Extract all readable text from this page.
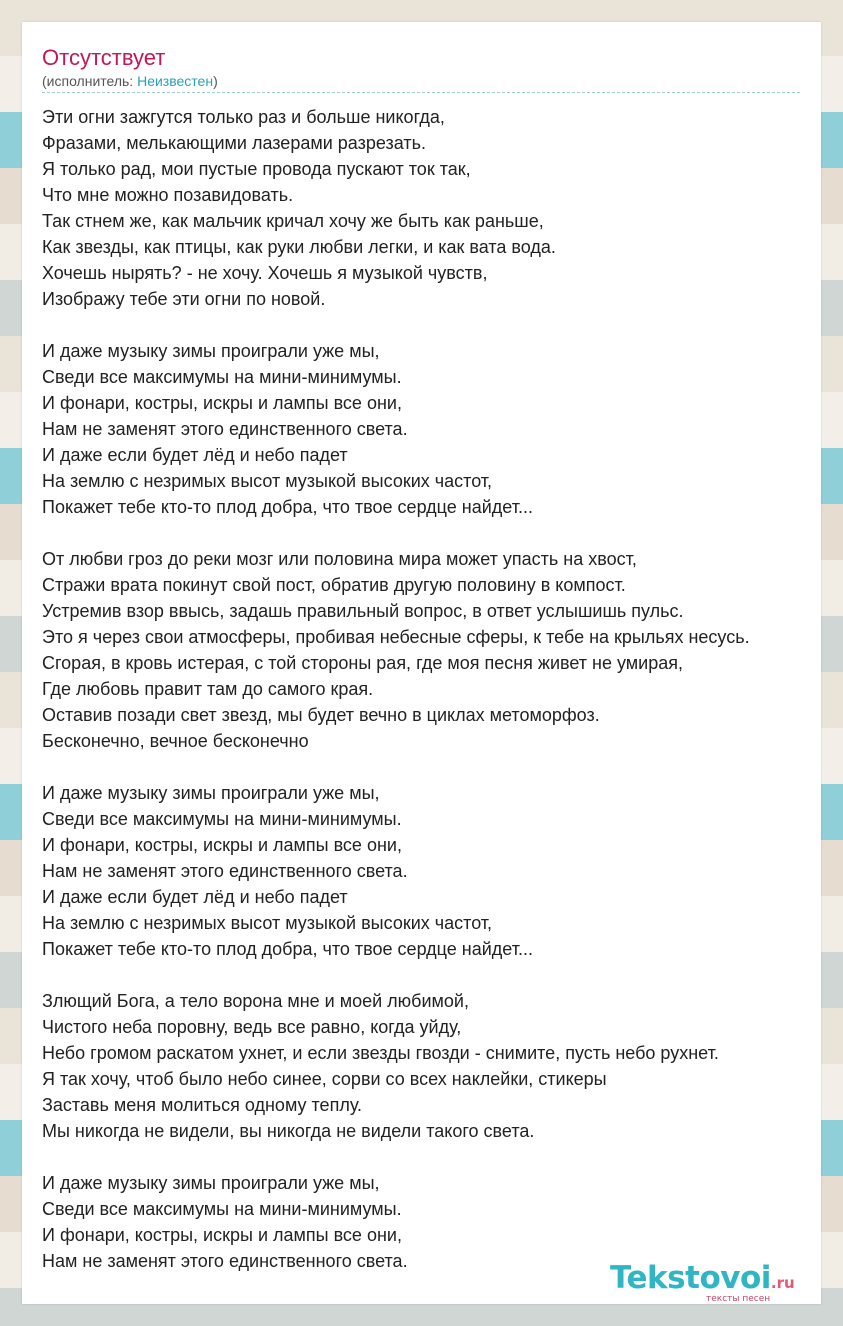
Отсутствует
(исполнитель: Неизвестен)
Эти огни зажгутся только раз и больше никогда,
Фразами, мелькающими лазерами разрезать.
Я только рад, мои пустые провода пускают ток так,
Что мне можно позавидовать.
Так стнем же, как мальчик кричал хочу же быть как раньше,
Как звезды, как птицы, как руки любви легки, и как вата вода.
Хочешь нырять? - не хочу. Хочешь я музыкой чувств,
Изображу тебе эти огни по новой.
И даже музыку зимы проиграли уже мы,
Сведи все максимумы на мини-минимумы.
И фонари, костры, искры и лампы все они,
Нам не заменят этого единственного света.
И даже если будет лёд и небо падет
На землю с незримых высот музыкой высоких частот,
Покажет тебе кто-то плод добра, что твое сердце найдет...
От любви гроз до реки мозг или половина мира может упасть на хвост,
Стражи врата покинут свой пост, обратив другую половину в компост.
Устремив взор ввысь, задашь правильный вопрос, в ответ услышишь пульс.
Это я через свои атмосферы, пробивая небесные сферы, к тебе на крыльях несусь.
Сгорая, в кровь истерая, с той стороны рая, где моя песня живет не умирая,
Где любовь правит там до самого края.
Оставив позади свет звезд, мы будет вечно в циклах метоморфоз.
Бесконечно, вечное бесконечно
И даже музыку зимы проиграли уже мы,
Сведи все максимумы на мини-минимумы.
И фонари, костры, искры и лампы все они,
Нам не заменят этого единственного света.
И даже если будет лёд и небо падет
На землю с незримых высот музыкой высоких частот,
Покажет тебе кто-то плод добра, что твое сердце найдет...
Злющий Бога, а тело ворона мне и моей любимой,
Чистого неба поровну, ведь все равно, когда уйду,
Небо громом раскатом ухнет, и если звезды гвозди - снимите, пусть небо рухнет.
Я так хочу, чтоб было небо синее, сорви со всех наклейки, стикеры
Заставь меня молиться одному теплу.
Мы никогда не видели, вы никогда не видели такого света.
И даже музыку зимы проиграли уже мы,
Сведи все максимумы на мини-минимумы.
И фонари, костры, искры и лампы все они,
Нам не заменят этого единственного света.	Tekstovoi.ru
тексты песен
